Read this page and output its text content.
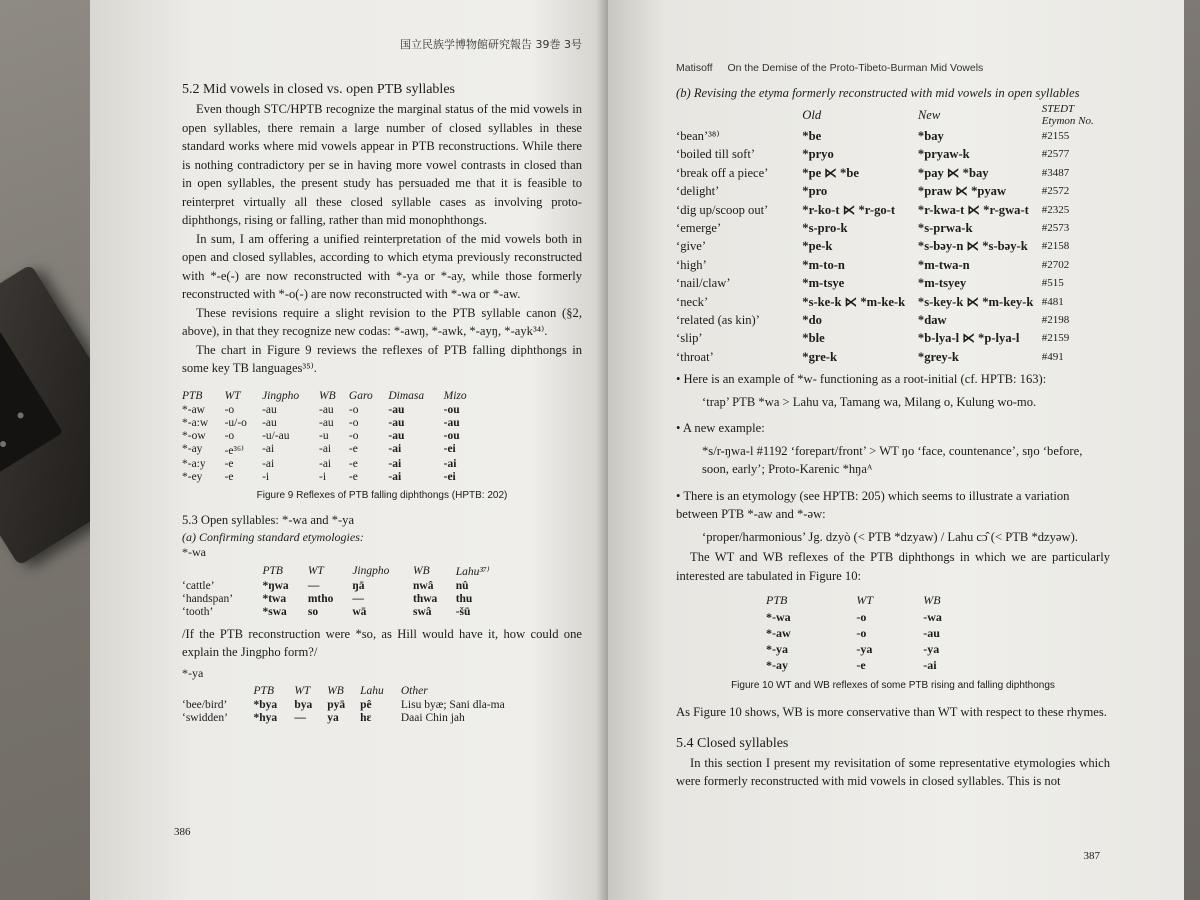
国立民族学博物館研究報告 39巻 3号
5.2 Mid vowels in closed vs. open PTB syllables

Even though STC/HPTB recognize the marginal status of the mid vowels in open syllables, there remain a large number of closed syllables in these standard works where mid vowels appear in PTB reconstructions. While there is nothing contradictory per se in having more vowel contrasts in closed than in open syllables, the present study has persuaded me that it is feasible to reinterpret virtually all these closed syllable cases as involving proto-diphthongs, rising or falling, rather than mid monophthongs.

In sum, I am offering a unified reinterpretation of the mid vowels both in open and closed syllables, according to which etyma previously reconstructed with *-e(-) are now reconstructed with *-ya or *-ay, while those formerly reconstructed with *-o(-) are now reconstructed with *-wa or *-aw.

These revisions require a slight revision to the PTB syllable canon (§2, above), in that they recognize new codas: *-awŋ, *-awk, *-ayŋ, *-ayk³⁴⁾.

The chart in Figure 9 reviews the reflexes of PTB falling diphthongs in some key TB languages³⁵⁾.

PTB	WT	Jingpho	WB	Garo	Dimasa	Mizo
*-aw	-o	-au	-au	-o	-au	-ou
*-a:w	-u/-o	-au	-au	-o	-au	-au
*-ow	-o	-u/-au	-u	-o	-au	-ou
*-ay	-e³⁶⁾	-ai	-ai	-e	-ai	-ei
*-a:y	-e	-ai	-ai	-e	-ai	-ai
*-ey	-e	-i	-i	-e	-ai	-ei
Figure 9 Reflexes of PTB falling diphthongs (HPTB: 202)
5.3 Open syllables: *-wa and *-ya
(a) Confirming standard etymologies:
*-wa
	PTB	WT	Jingpho	WB	Lahu³⁷⁾
‘cattle’	*ŋwa	—	ŋā	nwâ	nû
‘handspan’	*twa	mtho	—	thwa	thu
‘tooth’	*swa	so	wā	swâ	-šū

/If the PTB reconstruction were *so, as Hill would have it, how could one explain the Jingpho form?/

*-ya
	PTB	WT	WB	Lahu	Other
‘bee/bird’	*bya	bya	pyā	pê	Lisu byæ; Sani dla-ma
‘swidden’	*hya	—	ya	hɛ	Daai Chin jah
386
Matisoff On the Demise of the Proto-Tibeto-Burman Mid Vowels
(b) Revising the etyma formerly reconstructed with mid vowels in open syllables
	Old	New	STEDT Etymon No.
‘bean’³⁸⁾	*be	*bay	#2155
‘boiled till soft’	*pryo	*pryaw-k	#2577
‘break off a piece’	*pe ⋉ *be	*pay ⋉ *bay	#3487
‘delight’	*pro	*praw ⋉ *pyaw	#2572
‘dig up/scoop out’	*r-ko-t ⋉ *r-go-t	*r-kwa-t ⋉ *r-gwa-t	#2325
‘emerge’	*s-pro-k	*s-prwa-k	#2573
‘give’	*pe-k	*s-bəy-n ⋉ *s-bəy-k	#2158
‘high’	*m-to-n	*m-twa-n	#2702
‘nail/claw’	*m-tsye	*m-tsyey	#515
‘neck’	*s-ke-k ⋉ *m-ke-k	*s-key-k ⋉ *m-key-k	#481
‘related (as kin)’	*do	*daw	#2198
‘slip’	*ble	*b-lya-l ⋉ *p-lya-l	#2159
‘throat’	*gre-k	*grey-k	#491
• Here is an example of *w- functioning as a root-initial (cf. HPTB: 163):
‘trap’ PTB *wa > Lahu va, Tamang wa, Milang o, Kulung wo-mo.
• A new example:
*s/r-ŋwa-l #1192 ‘forepart/front’ > WT ŋo ‘face, countenance’, sŋo ‘before, soon, early’; Proto-Karenic *hŋaᴬ
• There is an etymology (see HPTB: 205) which seems to illustrate a variation between PTB *-aw and *-əw:
‘proper/harmonious’ Jg. dzyò (< PTB *dzyaw) / Lahu cɔ̂ (< PTB *dzyəw).

The WT and WB reflexes of the PTB diphthongs in which we are particularly interested are tabulated in Figure 10:

PTB	WT	WB
*-wa	-o	-wa
*-aw	-o	-au
*-ya	-ya	-ya
*-ay	-e	-ai
Figure 10 WT and WB reflexes of some PTB rising and falling diphthongs

As Figure 10 shows, WB is more conservative than WT with respect to these rhymes.

5.4 Closed syllables

In this section I present my revisitation of some representative etymologies which were formerly reconstructed with mid vowels in closed syllables. This is not

387
